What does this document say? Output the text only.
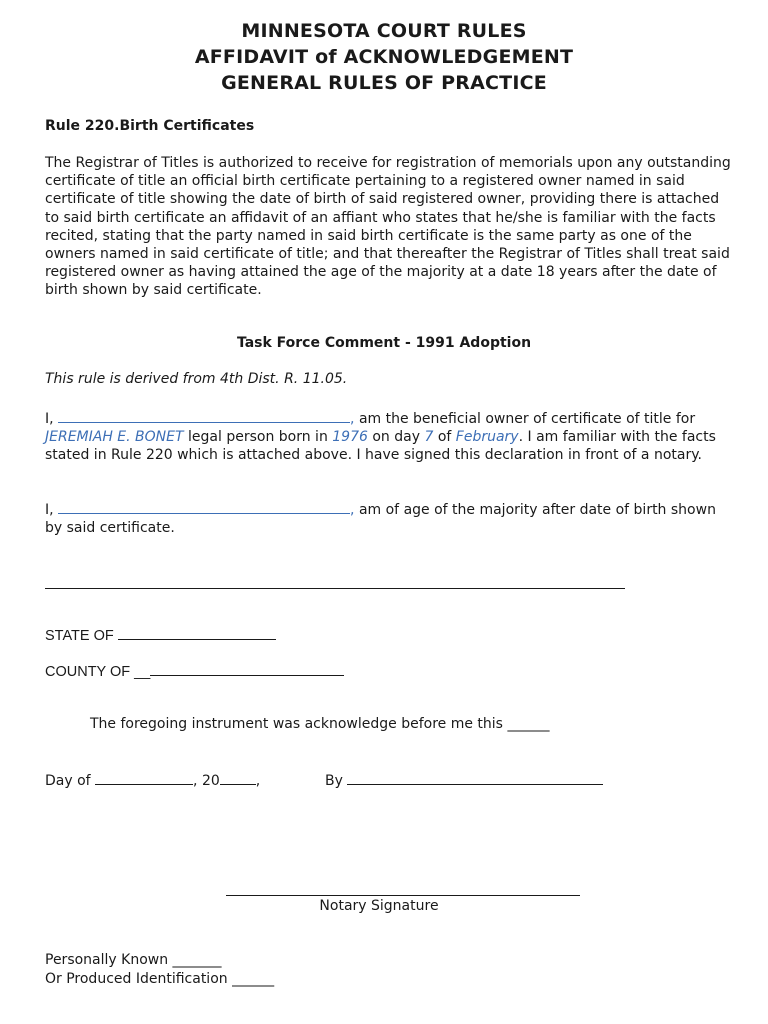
MINNESOTA COURT RULES
AFFIDAVIT of ACKNOWLEDGEMENT
GENERAL RULES OF PRACTICE
Rule 220.Birth Certificates
The Registrar of Titles is authorized to receive for registration of memorials upon any outstanding certificate of title an official birth certificate pertaining to a registered owner named in said certificate of title showing the date of birth of said registered owner, providing there is attached to said birth certificate an affidavit of an affiant who states that he/she is familiar with the facts recited, stating that the party named in said birth certificate is the same party as one of the owners named in said certificate of title; and that thereafter the Registrar of Titles shall treat said registered owner as having attained the age of the majority at a date 18 years after the date of birth shown by said certificate.
Task Force Comment - 1991 Adoption
This rule is derived from 4th Dist. R. 11.05.
I,	, am the beneficial owner of certificate of title for JEREMIAH E. BONET legal person born in 1976 on day 7 of February. I am familiar with the facts stated in Rule 220 which is attached above. I have signed this declaration in front of a notary.
I,	, am of age of the majority after date of birth shown by said certificate.
STATE OF
COUNTY OF __
The foregoing instrument was acknowledge before me this ______
Day of	, 20	,	By
Notary Signature
Personally Known _______
Or Produced Identification ______
